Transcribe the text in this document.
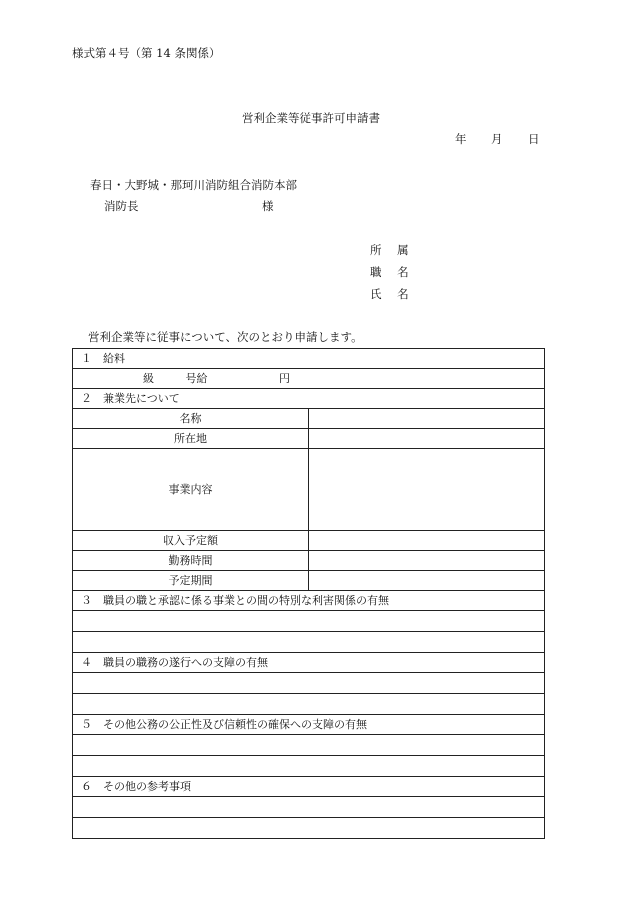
様式第４号（第 14 条関係）
営利企業等従事許可申請書
年 月 日
春日・大野城・那珂川消防組合消防本部
消防長	様
所 属
職 名
氏 名
営利企業等に従事について、次のとおり申請します。
１　給料	
級 号給 円	
２　兼業先について	
名称	
所在地	
事業内容	
収入予定額	
勤務時間	
予定期間	
３　職員の職と承認に係る事業との間の特別な利害関係の有無	

４　職員の職務の遂行への支障の有無	

５　その他公務の公正性及び信頼性の確保への支障の有無	

６　その他の参考事項	
